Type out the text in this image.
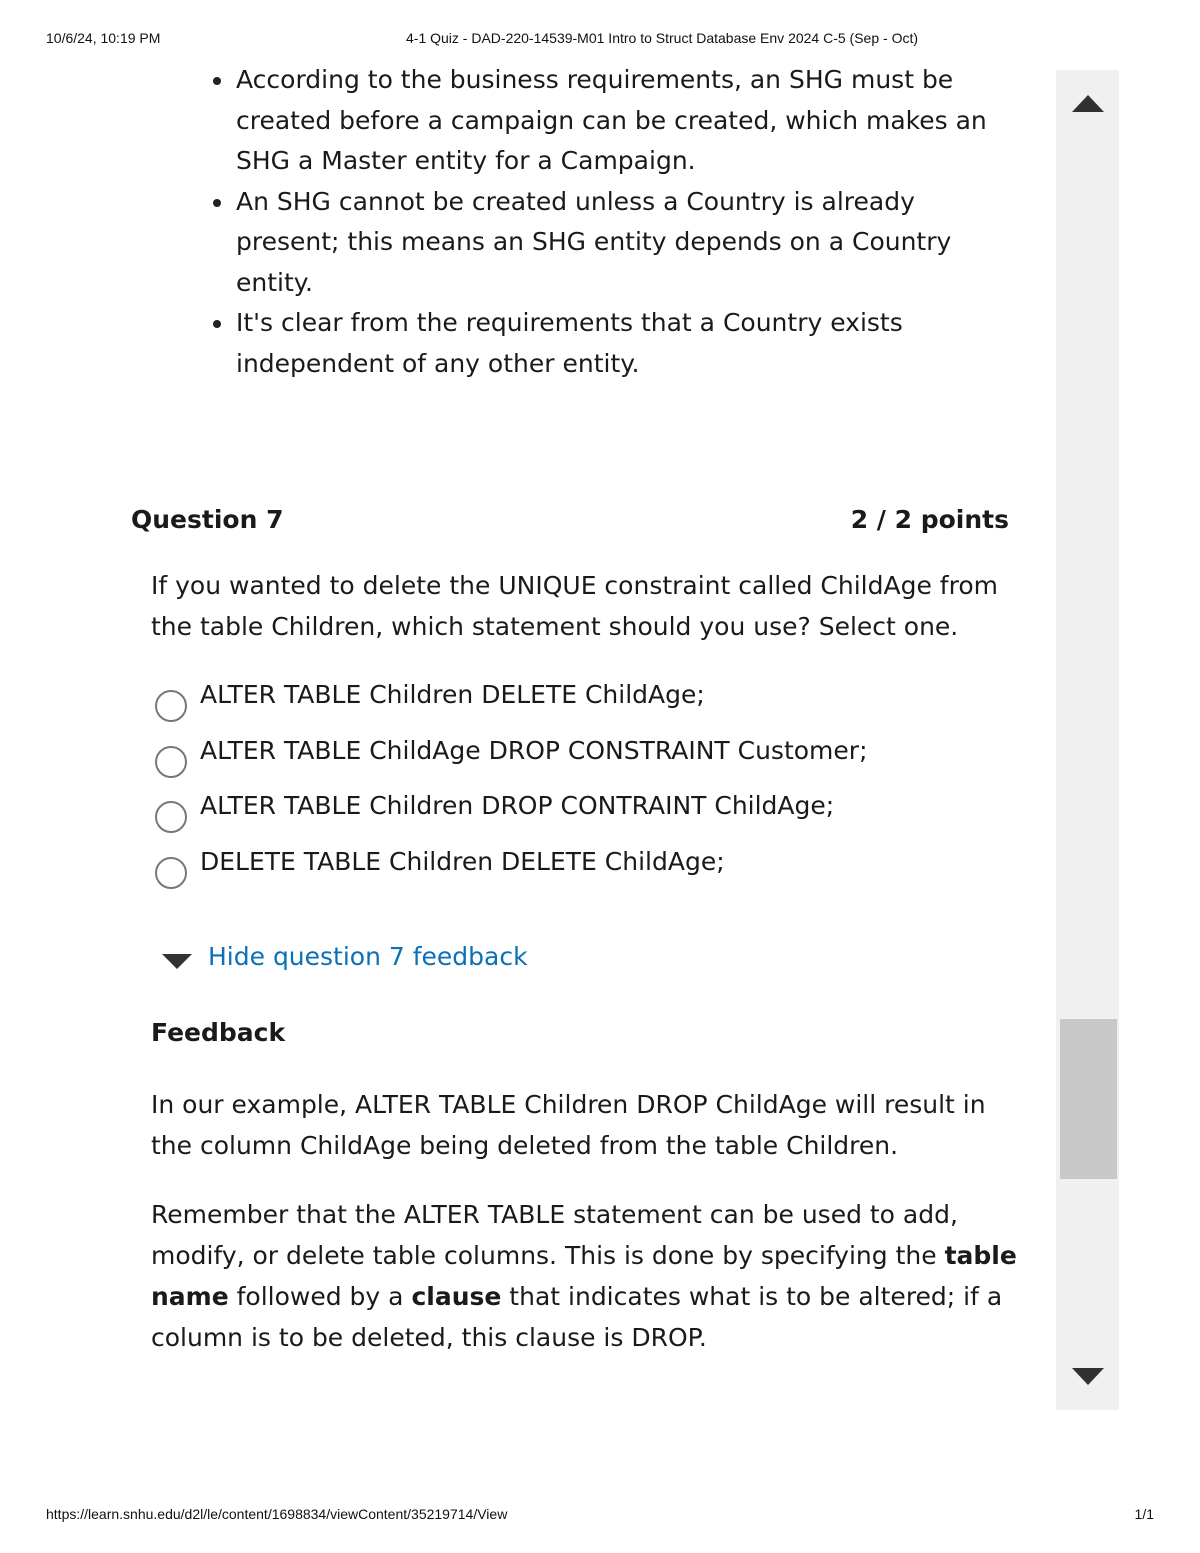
10/6/24, 10:19 PM	4-1 Quiz - DAD-220-14539-M01 Intro to Struct Database Env 2024 C-5 (Sep - Oct)
According to the business requirements, an SHG must be created before a campaign can be created, which makes an SHG a Master entity for a Campaign.
An SHG cannot be created unless a Country is already present; this means an SHG entity depends on a Country entity.
It's clear from the requirements that a Country exists independent of any other entity.
Question 7	2 / 2 points

If you wanted to delete the UNIQUE constraint called ChildAge from the table Children, which statement should you use? Select one.

ALTER TABLE Children DELETE ChildAge;
ALTER TABLE ChildAge DROP CONSTRAINT Customer;
ALTER TABLE Children DROP CONTRAINT ChildAge;
DELETE TABLE Children DELETE ChildAge;
Hide question 7 feedback
Feedback

In our example, ALTER TABLE Children DROP ChildAge will result in the column ChildAge being deleted from the table Children.

Remember that the ALTER TABLE statement can be used to add, modify, or delete table columns. This is done by specifying the table name followed by a clause that indicates what is to be altered; if a column is to be deleted, this clause is DROP.

https://learn.snhu.edu/d2l/le/content/1698834/viewContent/35219714/View	1/1
